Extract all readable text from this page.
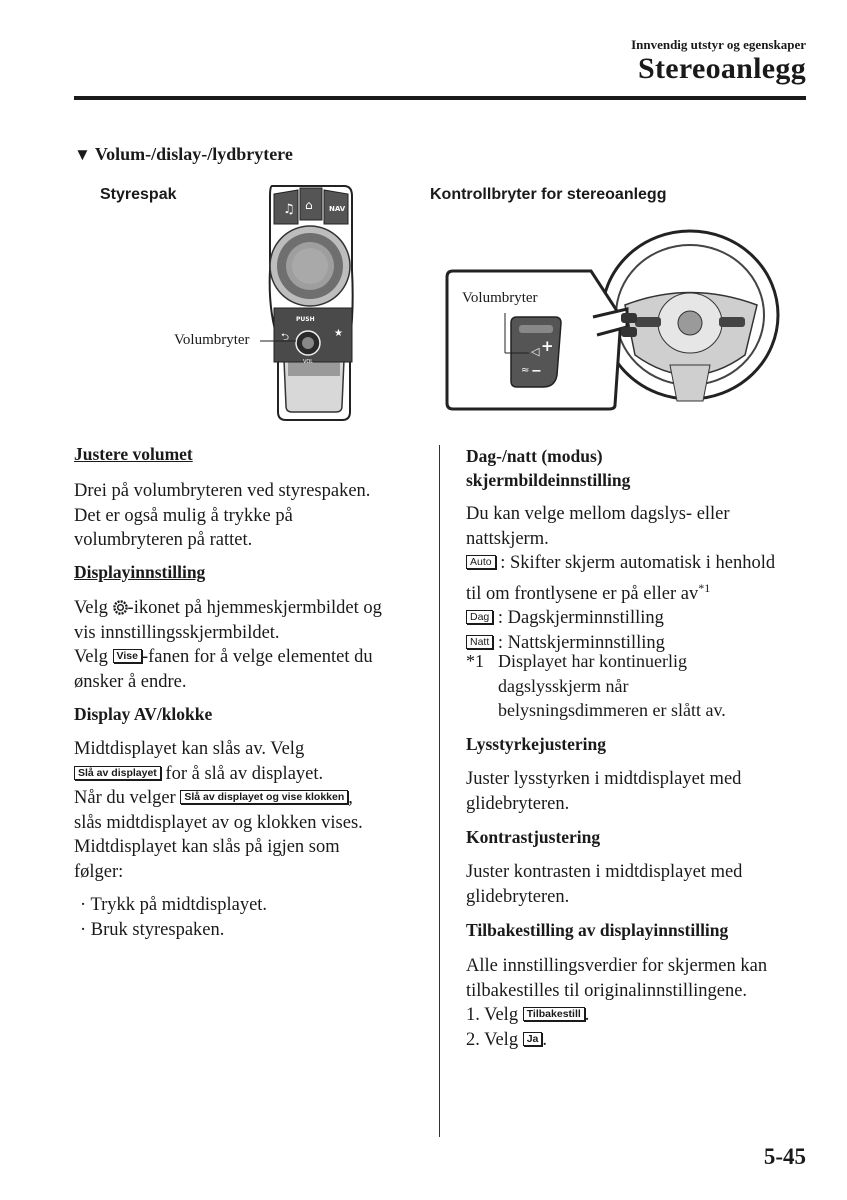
Innvendig utstyr og egenskaper
Stereoanlegg
▼ Volum-/dislay-/lydbrytere
Styrespak
Volumbryter
♫ ⌂ NAV
PUSH
⮌	★
VOL
Kontrollbryter for stereoanlegg
+
◁
−
≈
Volumbryter
Justere volumet
Drei på volumbryteren ved styrespaken.
Det er også mulig å trykke på
volumbryteren på rattet.
Displayinnstilling
Velg -ikonet på hjemmeskjermbildet og
vis innstillingsskjermbildet.
Velg Vise -fanen for å velge elementet du
ønsker å endre.
Display AV/klokke
Midtdisplayet kan slås av. Velg
Slå av displayet for å slå av displayet.
Når du velger Slå av displayet og vise klokken ,
slås midtdisplayet av og klokken vises.
Midtdisplayet kan slås på igjen som
følger:
· Trykk på midtdisplayet.
· Bruk styrespaken.
Dag-/natt (modus)
skjermbildeinnstilling
Du kan velge mellom dagslys- eller
nattskjerm.
Auto : Skifter skjerm automatisk i henhold
til om frontlysene er på eller $av^{*1}$
Dag : Dagskjerminnstilling
Natt : Nattskjerminnstilling
*1 Displayet har kontinuerlig
dagslysskjerm når
belysningsdimmeren er slått av.
Lysstyrkejustering
Juster lysstyrken i midtdisplayet med
glidebryteren.
Kontrastjustering
Juster kontrasten i midtdisplayet med
glidebryteren.
Tilbakestilling av displayinnstilling
Alle innstillingsverdier for skjermen kan
tilbakestilles til originalinnstillingene.
1. Velg Tilbakestill .
2. Velg Ja .
5-45
